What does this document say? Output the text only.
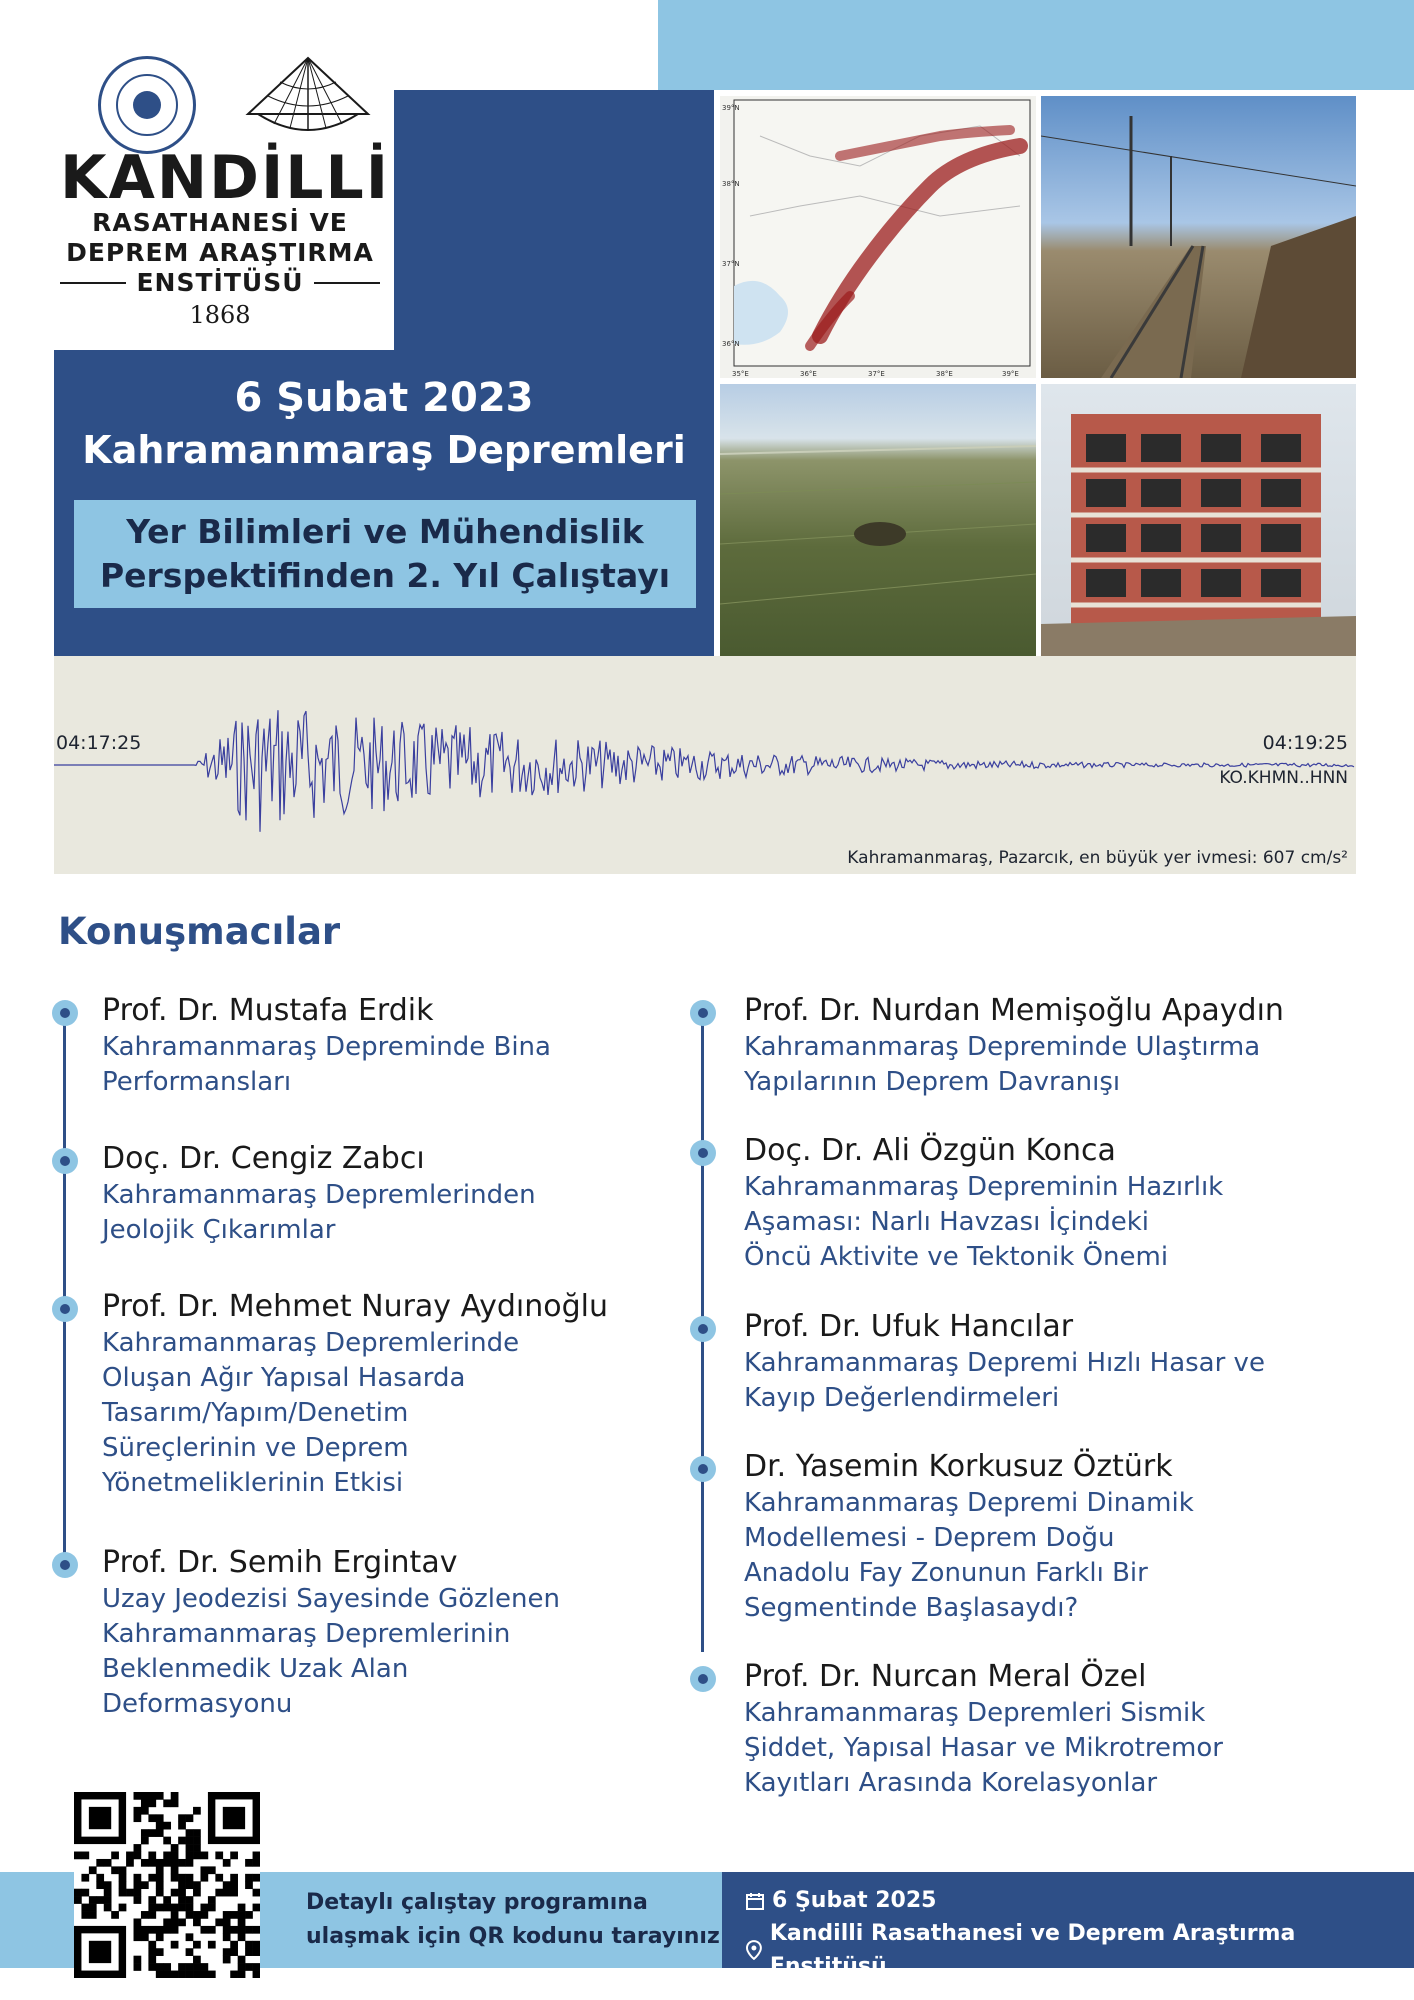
KANDİLLİ
RASATHANESİ VE
DEPREM ARAŞTIRMA
ENSTİTÜSÜ
1868
6 Şubat 2023
Kahramanmaraş Depremleri
Yer Bilimleri ve Mühendislik
Perspektifinden 2. Yıl Çalıştayı
39°N
38°N
37°N
36°N
35°E	36°E	37°E	38°E	39°E
04:17:25	04:19:25
KO.KHMN..HNN
Kahramanmaraş, Pazarcık, en büyük yer ivmesi: 607 cm/s²
Konuşmacılar
Prof. Dr. Mustafa Erdik
Kahramanmaraş Depreminde Bina
Performansları
Doç. Dr. Cengiz Zabcı
Kahramanmaraş Depremlerinden
Jeolojik Çıkarımlar
Prof. Dr. Mehmet Nuray Aydınoğlu
Kahramanmaraş Depremlerinde
Oluşan Ağır Yapısal Hasarda
Tasarım/Yapım/Denetim
Süreçlerinin ve Deprem
Yönetmeliklerinin Etkisi
Prof. Dr. Semih Ergintav
Uzay Jeodezisi Sayesinde Gözlenen
Kahramanmaraş Depremlerinin
Beklenmedik Uzak Alan
Deformasyonu
Prof. Dr. Nurdan Memişoğlu Apaydın
Kahramanmaraş Depreminde Ulaştırma
Yapılarının Deprem Davranışı
Doç. Dr. Ali Özgün Konca
Kahramanmaraş Depreminin Hazırlık
Aşaması: Narlı Havzası İçindeki
Öncü Aktivite ve Tektonik Önemi
Prof. Dr. Ufuk Hancılar
Kahramanmaraş Depremi Hızlı Hasar ve
Kayıp Değerlendirmeleri
Dr. Yasemin Korkusuz Öztürk
Kahramanmaraş Depremi Dinamik
Modellemesi - Deprem Doğu
Anadolu Fay Zonunun Farklı Bir
Segmentinde Başlasaydı?
Prof. Dr. Nurcan Meral Özel
Kahramanmaraş Depremleri Sismik
Şiddet, Yapısal Hasar ve Mikrotremor
Kayıtları Arasında Korelasyonlar
Detaylı çalıştay programına
ulaşmak için QR kodunu tarayınız
6 Şubat 2025
Kandilli Rasathanesi ve Deprem Araştırma Enstitüsü
